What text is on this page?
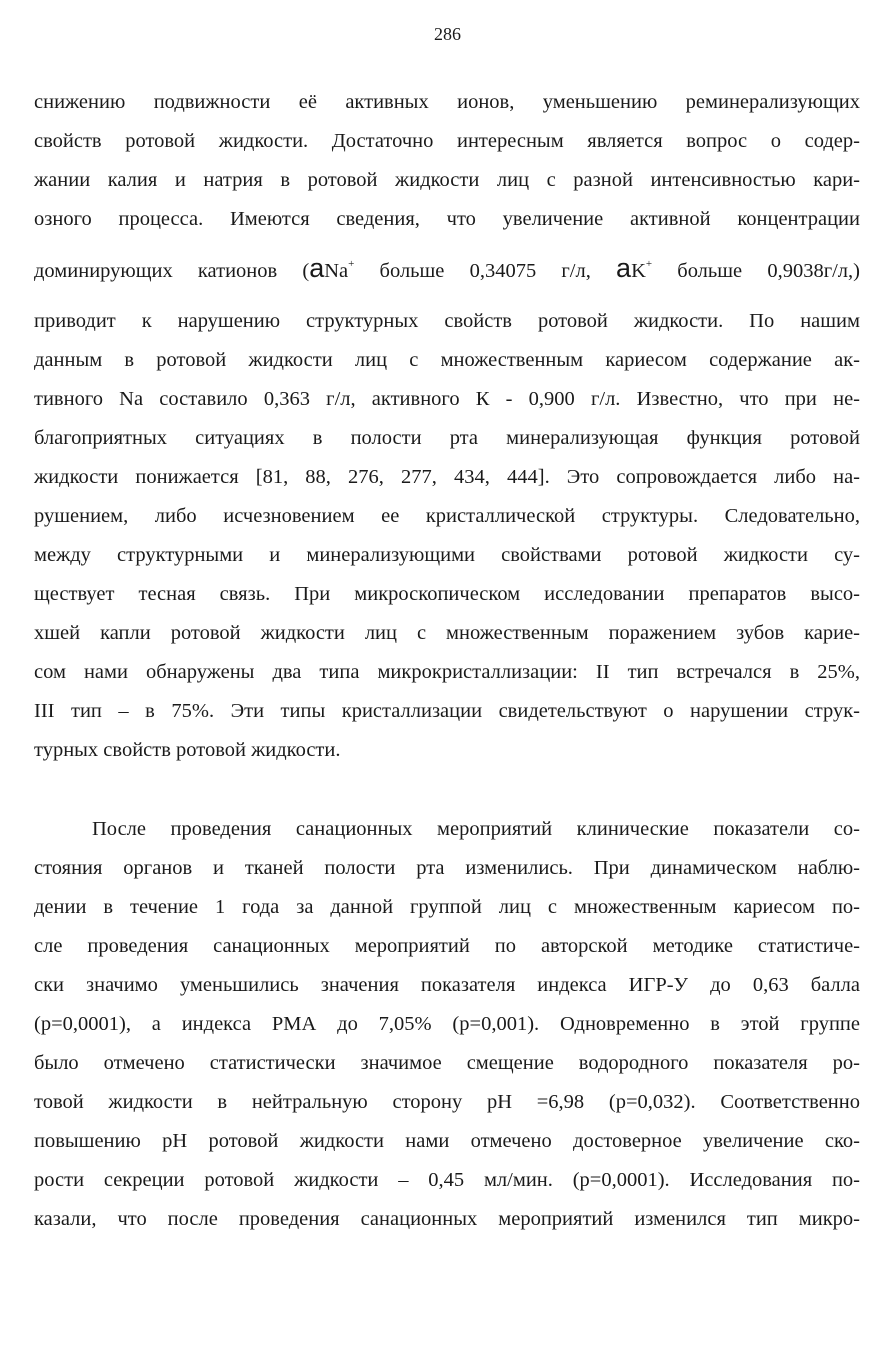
286
снижению подвижности её активных ионов, уменьшению реминерализующих
свойств ротовой жидкости. Достаточно интересным является вопрос о содер-
жании калия и натрия в ротовой жидкости лиц с разной интенсивностью кари-
озного процесса. Имеются сведения, что увеличение активной концентрации
доминирующих катионов (aNa+ больше 0,34075 г/л, aK+ больше 0,9038г/л,)
приводит к нарушению структурных свойств ротовой жидкости. По нашим
данным в ротовой жидкости лиц с множественным кариесом содержание ак-
тивного Na составило 0,363 г/л, активного К - 0,900 г/л. Известно, что при не-
благоприятных ситуациях в полости рта минерализующая функция ротовой
жидкости понижается [81, 88, 276, 277, 434, 444]. Это сопровождается либо на-
рушением, либо исчезновением ее кристаллической структуры. Следовательно,
между структурными и минерализующими свойствами ротовой жидкости су-
ществует тесная связь. При микроскопическом исследовании препаратов высо-
хшей капли ротовой жидкости лиц с множественным поражением зубов карие-
сом нами обнаружены два типа микрокристаллизации: II тип встречался в 25%,
III тип – в 75%. Эти типы кристаллизации свидетельствуют о нарушении струк-
турных свойств ротовой жидкости.
После проведения санационных мероприятий клинические показатели со-
стояния органов и тканей полости рта изменились. При динамическом наблю-
дении в течение 1 года за данной группой лиц с множественным кариесом по-
сле проведения санационных мероприятий по авторской методике статистиче-
ски значимо уменьшились значения показателя индекса ИГР-У до 0,63 балла
(р=0,0001), а индекса РМА до 7,05% (р=0,001). Одновременно в этой группе
было отмечено статистически значимое смещение водородного показателя ро-
товой жидкости в нейтральную сторону рН =6,98 (р=0,032). Соответственно
повышению рН ротовой жидкости нами отмечено достоверное увеличение ско-
рости секреции ротовой жидкости – 0,45 мл/мин. (р=0,0001). Исследования по-
казали, что после проведения санационных мероприятий изменился тип микро-
